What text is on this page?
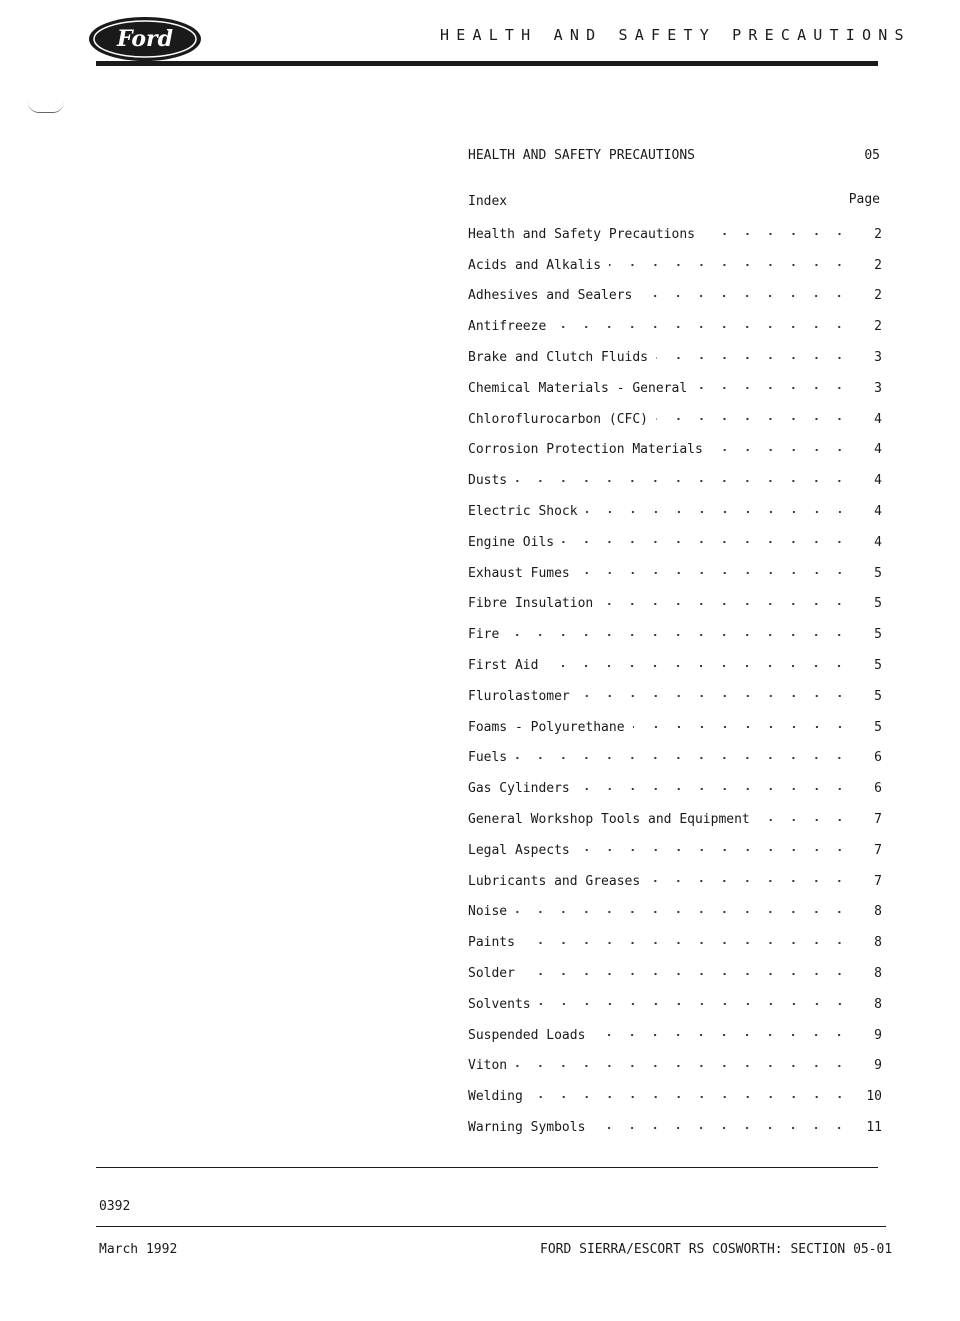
Ford	HEALTH AND SAFETY PRECAUTIONS
HEALTH AND SAFETY PRECAUTIONS	05
Index	Page
Health and Safety Precautions	2
Acids and Alkalis	2
Adhesives and Sealers	2
Antifreeze	2
Brake and Clutch Fluids	3
Chemical Materials - General	3
Chloroflurocarbon (CFC)	4
Corrosion Protection Materials	4
Dusts	4
Electric Shock	4
Engine Oils	4
Exhaust Fumes	5
Fibre Insulation	5
Fire	5
First Aid	5
Flurolastomer	5
Foams - Polyurethane	5
Fuels	6
Gas Cylinders	6
General Workshop Tools and Equipment	7
Legal Aspects	7
Lubricants and Greases	7
Noise	8
Paints	8
Solder	8
Solvents	8
Suspended Loads	9
Viton	9
Welding	10
Warning Symbols	11
0392
March 1992	FORD SIERRA/ESCORT RS COSWORTH: SECTION 05-01
